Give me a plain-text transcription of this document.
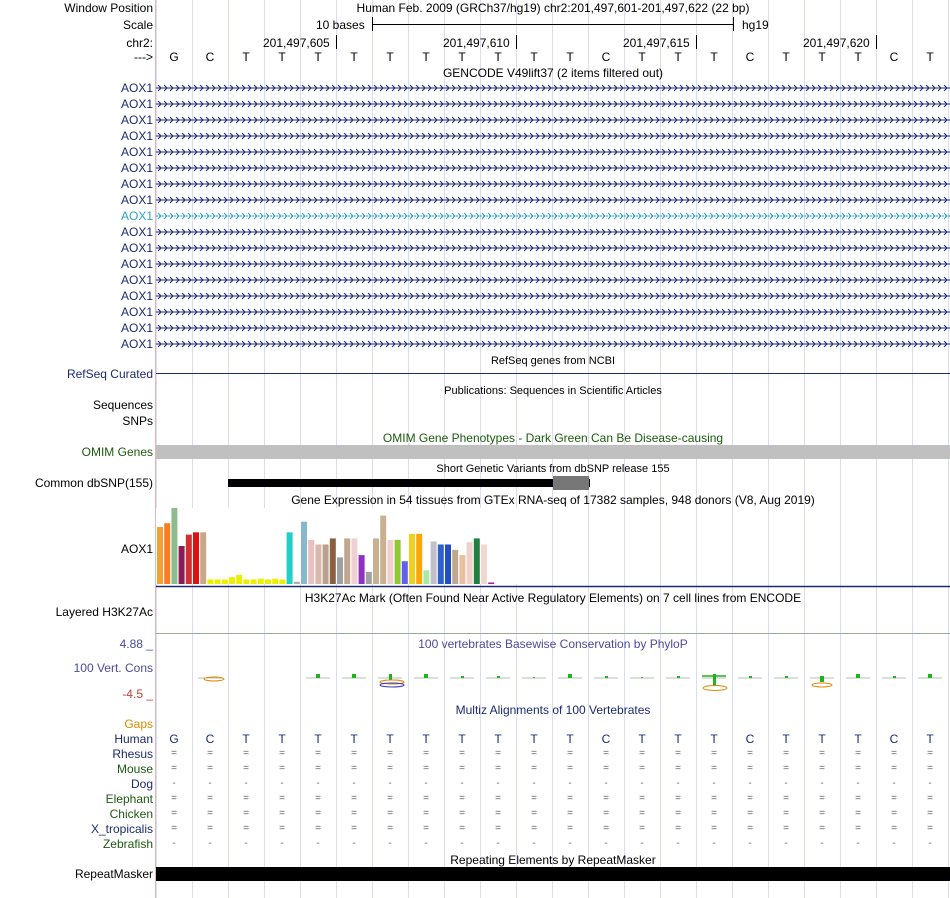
Window Position	Human Feb. 2009 (GRCh37/hg19) chr2:201,497,601-201,497,622 (22 bp)
Scale	10 bases	hg19
chr2:	201,497,605	201,497,610	201,497,615	201,497,620
--->	G	C	T	T	T	T	T	T	T	T	T	T	C	T	T	T	C	T	T	T	C	T
GENCODE V49lift37 (2 items filtered out)
AOX1
AOX1
AOX1
AOX1
AOX1
AOX1
AOX1
AOX1
AOX1
AOX1
AOX1
AOX1
AOX1
AOX1
AOX1
AOX1
AOX1
RefSeq genes from NCBI
RefSeq Curated
Publications: Sequences in Scientific Articles
Sequences
SNPs
OMIM Gene Phenotypes - Dark Green Can Be Disease-causing
OMIM Genes
Short Genetic Variants from dbSNP release 155
Common dbSNP(155)
Gene Expression in 54 tissues from GTEx RNA-seq of 17382 samples, 948 donors (V8, Aug 2019)
AOX1
H3K27Ac Mark (Often Found Near Active Regulatory Elements) on 7 cell lines from ENCODE
Layered H3K27Ac
100 vertebrates Basewise Conservation by PhyloP
4.88 _
100 Vert. Cons
-4.5 _
Multiz Alignments of 100 Vertebrates
Gaps
Human	G	C	T	T	T	T	T	T	T	T	T	T	C	T	T	T	C	T	T	T	C	T
Rhesus	=	=	=	=	=	=	=	=	=	=	=	=	=	=	=	=	=	=	=	=	=	=
Mouse	=	=	=	=	=	=	=	=	=	=	=	=	=	=	=	=	=	=	=	=	=	=
Dog	-	-	-	-	-	-	-	-	-	-	-	-	-	-	-	-	-	-	-	-	-	-
Elephant	=	=	=	=	=	=	=	=	=	=	=	=	=	=	=	=	=	=	=	=	=	=
Chicken	=	=	=	=	=	=	=	=	=	=	=	=	=	=	=	=	=	=	=	=	=	=
X_tropicalis	=	=	=	=	=	=	=	=	=	=	=	=	=	=	=	=	=	=	=	=	=	=
Zebrafish	-	-	-	-	-	-	-	-	-	-	-	-	-	-	-	-	-	-	-	-	-	-
Repeating Elements by RepeatMasker
RepeatMasker
